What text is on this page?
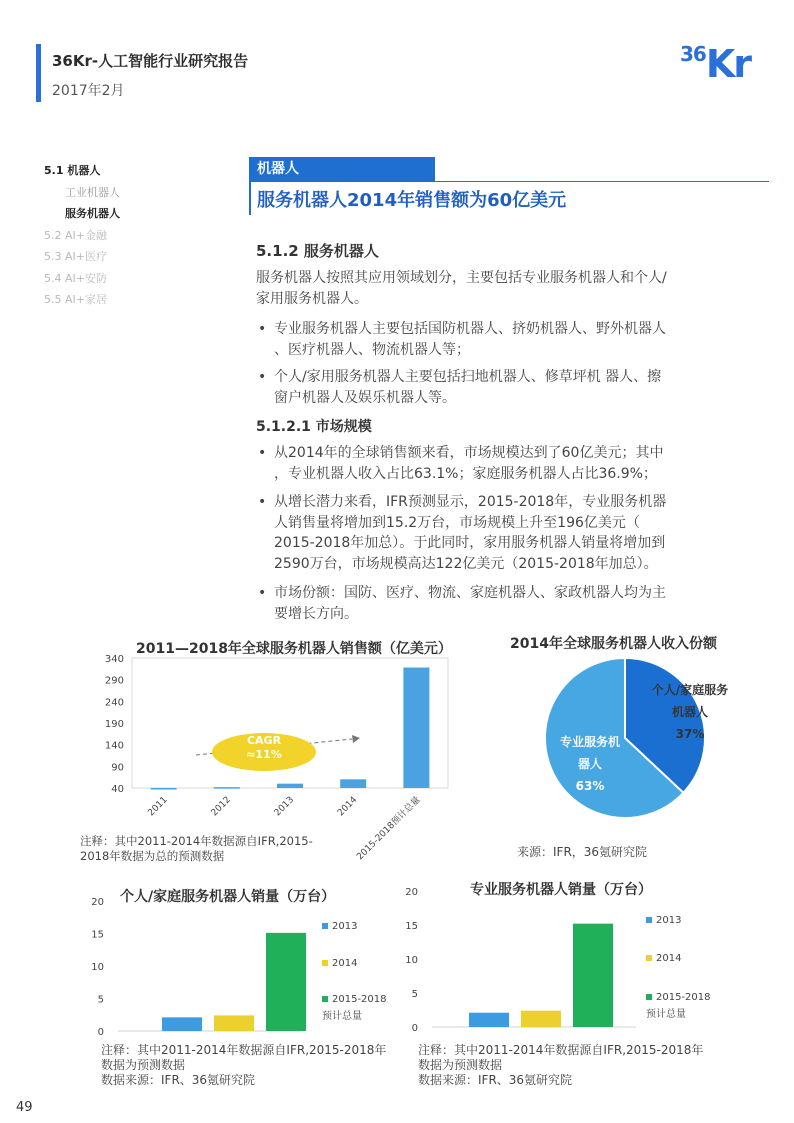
36Kr-人工智能行业研究报告
2017年2月
36Kr
5.1 机器人
工业机器人
服务机器人
5.2 AI+金融
5.3 AI+医疗
5.4 AI+安防
5.5 AI+家居
机器人
服务机器人2014年销售额为60亿美元
5.1.2 服务机器人
服务机器人按照其应用领域划分，主要包括专业服务机器人和个人/
家用服务机器人。
• 专业服务机器人主要包括国防机器人、挤奶机器人、野外机器人
、医疗机器人、物流机器人等；
• 个人/家用服务机器人主要包括扫地机器人、修草坪机 器人、擦
窗户机器人及娱乐机器人等。
5.1.2.1 市场规模
• 从2014年的全球销售额来看，市场规模达到了60亿美元；其中
，专业机器人收入占比63.1%；家庭服务机器人占比36.9%；
• 从增长潜力来看，IFR预测显示，2015-2018年，专业服务机器
人销售量将增加到15.2万台，市场规模上升至196亿美元（
2015-2018年加总）。于此同时，家用服务机器人销量将增加到
2590万台，市场规模高达122亿美元（2015-2018年加总）。
• 市场份额：国防、医疗、物流、家庭机器人、家政机器人均为主
要增长方向。
2011—2018年全球服务机器人销售额（亿美元）
340
290
240
190
140
90
40
2011	2012	2013	2014
2015-2018预计总量
CAGR
≈11%
注释：其中2011-2014年数据源自IFR,2015-
2018年数据为总的预测数据
2014年全球服务机器人收入份额
个人/家庭服务
机器人
37%
专业服务机
器人
63%
来源：IFR，36氪研究院
个人/家庭服务机器人销量（万台）
20
15
10
5
0
2013
2014
2015-2018
预计总量
注释：其中2011-2014年数据源自IFR,2015-2018年
数据为预测数据
数据来源：IFR、36氪研究院
专业服务机器人销量（万台）
20
15
10
5
0
2013
2014
2015-2018
预计总量
注释：其中2011-2014年数据源自IFR,2015-2018年
数据为预测数据
数据来源：IFR、36氪研究院
49
